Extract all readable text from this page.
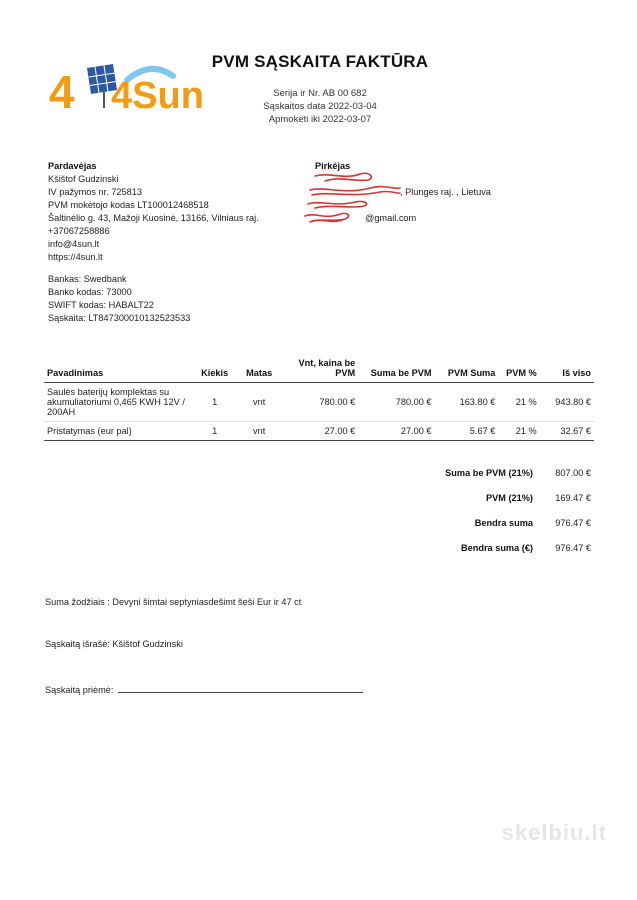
4 4Sun
PVM SĄSKAITA FAKTŪRA
Serija ir Nr. AB 00 682
Sąskaitos data 2022-03-04
Apmokėti iki 2022-03-07
Pardavėjas
Kšištof Gudzinski
IV pažymos nr. 725813
PVM mokėtojo kodas LT100012468518
Šaltinėlio g. 43, Mažoji Kuosinė, 13166, Vilniaus raj.
+37067258886
info@4sun.lt
https://4sun.lt
Pirkėjas
, Plunges raj. , Lietuva
@gmail.com
Bankas: Swedbank
Banko kodas: 73000
SWIFT kodas: HABALT22
Sąskaita: LT847300010132523533
Pavadinimas	Kiekis	Matas	Vnt, kaina be PVM	Suma be PVM	PVM Suma	PVM %	Iš viso
Saulės baterijų komplektas su akumuliatoriumi 0,465 KWH 12V / 200AH	1	vnt	780.00 €	780.00 €	163.80 €	21 %	943.80 €
Pristatymas (eur pal)	1	vnt	27.00 €	27.00 €	5.67 €	21 %	32.67 €
Suma be PVM (21%)	807.00 €
PVM (21%)	169.47 €
Bendra suma	976.47 €
Bendra suma (€)	976.47 €
Suma žodžiais : Devyni šimtai septyniasdešimt šeši Eur ir 47 ct
Sąskaitą išrašė: Kšištof Gudzinski
Sąskaitą priėmė:
skelbiu.lt
